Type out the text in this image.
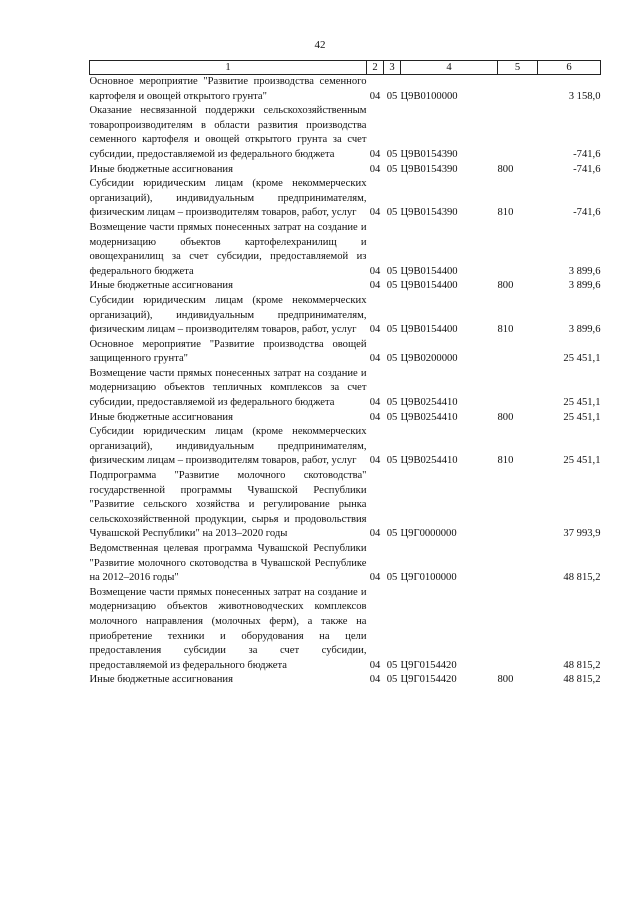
42
1	2	3	4	5	6
Основное мероприятие "Развитие производства семенного картофеля и овощей открытого грунта"	04	05	Ц9В0100000		3 158,0
Оказание несвязанной поддержки сельскохозяйственным товаропроизводителям в области развития производства семенного картофеля и овощей открытого грунта за счет субсидии, предоставляемой из федерального бюджета	04	05	Ц9В0154390		-741,6
Иные бюджетные ассигнования	04	05	Ц9В0154390	800	-741,6
Субсидии юридическим лицам (кроме некоммерческих организаций), индивидуальным предпринимателям, физическим лицам – производителям товаров, работ, услуг	04	05	Ц9В0154390	810	-741,6
Возмещение части прямых понесенных затрат на создание и модернизацию объектов картофелехранилищ и овощехранилищ за счет субсидии, предоставляемой из федерального бюджета	04	05	Ц9В0154400		3 899,6
Иные бюджетные ассигнования	04	05	Ц9В0154400	800	3 899,6
Субсидии юридическим лицам (кроме некоммерческих организаций), индивидуальным предпринимателям, физическим лицам – производителям товаров, работ, услуг	04	05	Ц9В0154400	810	3 899,6
Основное мероприятие "Развитие производства овощей защищенного грунта"	04	05	Ц9В0200000		25 451,1
Возмещение части прямых понесенных затрат на создание и модернизацию объектов тепличных комплексов за счет субсидии, предоставляемой из федерального бюджета	04	05	Ц9В0254410		25 451,1
Иные бюджетные ассигнования	04	05	Ц9В0254410	800	25 451,1
Субсидии юридическим лицам (кроме некоммерческих организаций), индивидуальным предпринимателям, физическим лицам – производителям товаров, работ, услуг	04	05	Ц9В0254410	810	25 451,1
Подпрограмма "Развитие молочного скотоводства" государственной программы Чувашской Республики "Развитие сельского хозяйства и регулирование рынка сельскохозяйственной продукции, сырья и продовольствия Чувашской Республики" на 2013–2020 годы	04	05	Ц9Г0000000		37 993,9
Ведомственная целевая программа Чувашской Республики "Развитие молочного скотоводства в Чувашской Республике на 2012–2016 годы"	04	05	Ц9Г0100000		48 815,2
Возмещение части прямых понесенных затрат на создание и модернизацию объектов животноводческих комплексов молочного направления (молочных ферм), а также на приобретение техники и оборудования на цели предоставления субсидии за счет субсидии, предоставляемой из федерального бюджета	04	05	Ц9Г0154420		48 815,2
Иные бюджетные ассигнования	04	05	Ц9Г0154420	800	48 815,2
